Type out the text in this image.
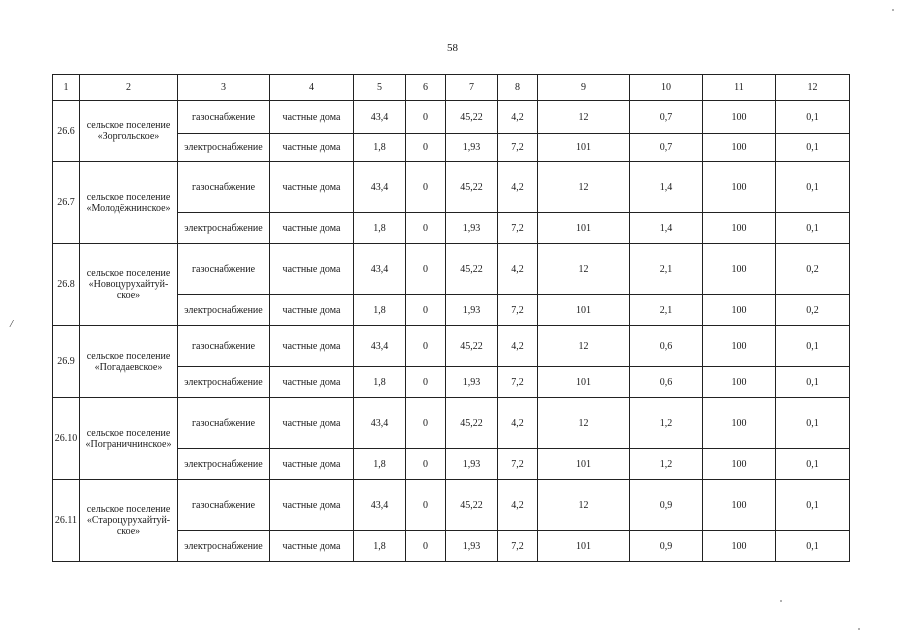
58
/
1	2	3	4	5	6	7	8	9	10	11	12
26.6	сельское поселение «Зоргольское»	газоснабжение	частные дома	43,4	0	45,22	4,2	12	0,7	100	0,1
		электроснабжение	частные дома	1,8	0	1,93	7,2	101	0,7	100	0,1
26.7	сельское поселение «Молодёжнинское»	газоснабжение	частные дома	43,4	0	45,22	4,2	12	1,4	100	0,1
		электроснабжение	частные дома	1,8	0	1,93	7,2	101	1,4	100	0,1
26.8	сельское поселение «Новоцурухайтуй-ское»	газоснабжение	частные дома	43,4	0	45,22	4,2	12	2,1	100	0,2
		электроснабжение	частные дома	1,8	0	1,93	7,2	101	2,1	100	0,2
26.9	сельское поселение «Погадаевское»	газоснабжение	частные дома	43,4	0	45,22	4,2	12	0,6	100	0,1
		электроснабжение	частные дома	1,8	0	1,93	7,2	101	0,6	100	0,1
26.10	сельское поселение «Пограничнинское»	газоснабжение	частные дома	43,4	0	45,22	4,2	12	1,2	100	0,1
		электроснабжение	частные дома	1,8	0	1,93	7,2	101	1,2	100	0,1
26.11	сельское поселение «Староцурухайтуй-ское»	газоснабжение	частные дома	43,4	0	45,22	4,2	12	0,9	100	0,1
		электроснабжение	частные дома	1,8	0	1,93	7,2	101	0,9	100	0,1
